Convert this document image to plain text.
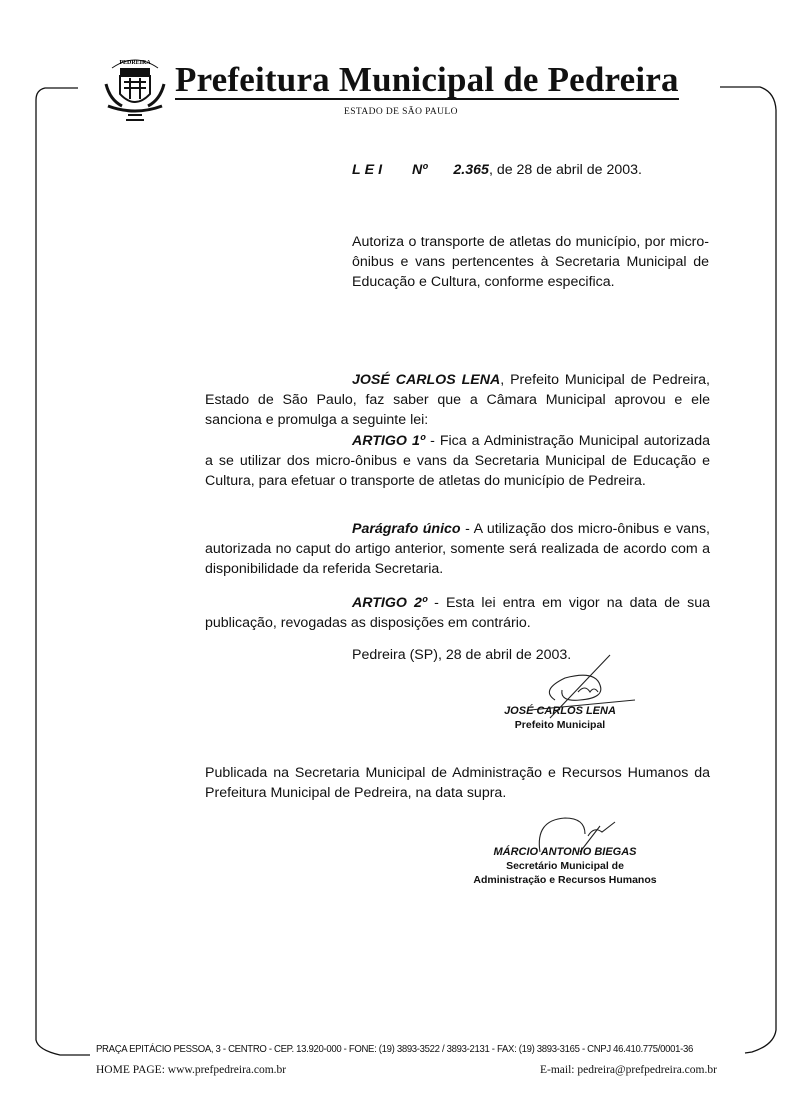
PEDREIRA Prefeitura Municipal de Pedreira
ESTADO DE SÃO PAULO
LEI Nº 2.365, de 28 de abril de 2003.
Autoriza o transporte de atletas do município, por micro-ônibus e vans pertencentes à Secretaria Municipal de Educação e Cultura, conforme especifica.
JOSÉ CARLOS LENA, Prefeito Municipal de Pedreira, Estado de São Paulo, faz saber que a Câmara Municipal aprovou e ele sanciona e promulga a seguinte lei:
ARTIGO 1º - Fica a Administração Municipal autorizada a se utilizar dos micro-ônibus e vans da Secretaria Municipal de Educação e Cultura, para efetuar o transporte de atletas do município de Pedreira.
Parágrafo único - A utilização dos micro-ônibus e vans, autorizada no caput do artigo anterior, somente será realizada de acordo com a disponibilidade da referida Secretaria.
ARTIGO 2º - Esta lei entra em vigor na data de sua publicação, revogadas as disposições em contrário.
Pedreira (SP), 28 de abril de 2003.
JOSÉ CARLOS LENA
Prefeito Municipal
Publicada na Secretaria Municipal de Administração e Recursos Humanos da Prefeitura Municipal de Pedreira, na data supra.
MÁRCIO ANTONIO BIEGAS
Secretário Municipal de
Administração e Recursos Humanos
PRAÇA EPITÁCIO PESSOA, 3 - CENTRO - CEP. 13.920-000 - FONE: (19) 3893-3522 / 3893-2131 - FAX: (19) 3893-3165 - CNPJ 46.410.775/0001-36
HOME PAGE: www.prefpedreira.com.br	E-mail: pedreira@prefpedreira.com.br
